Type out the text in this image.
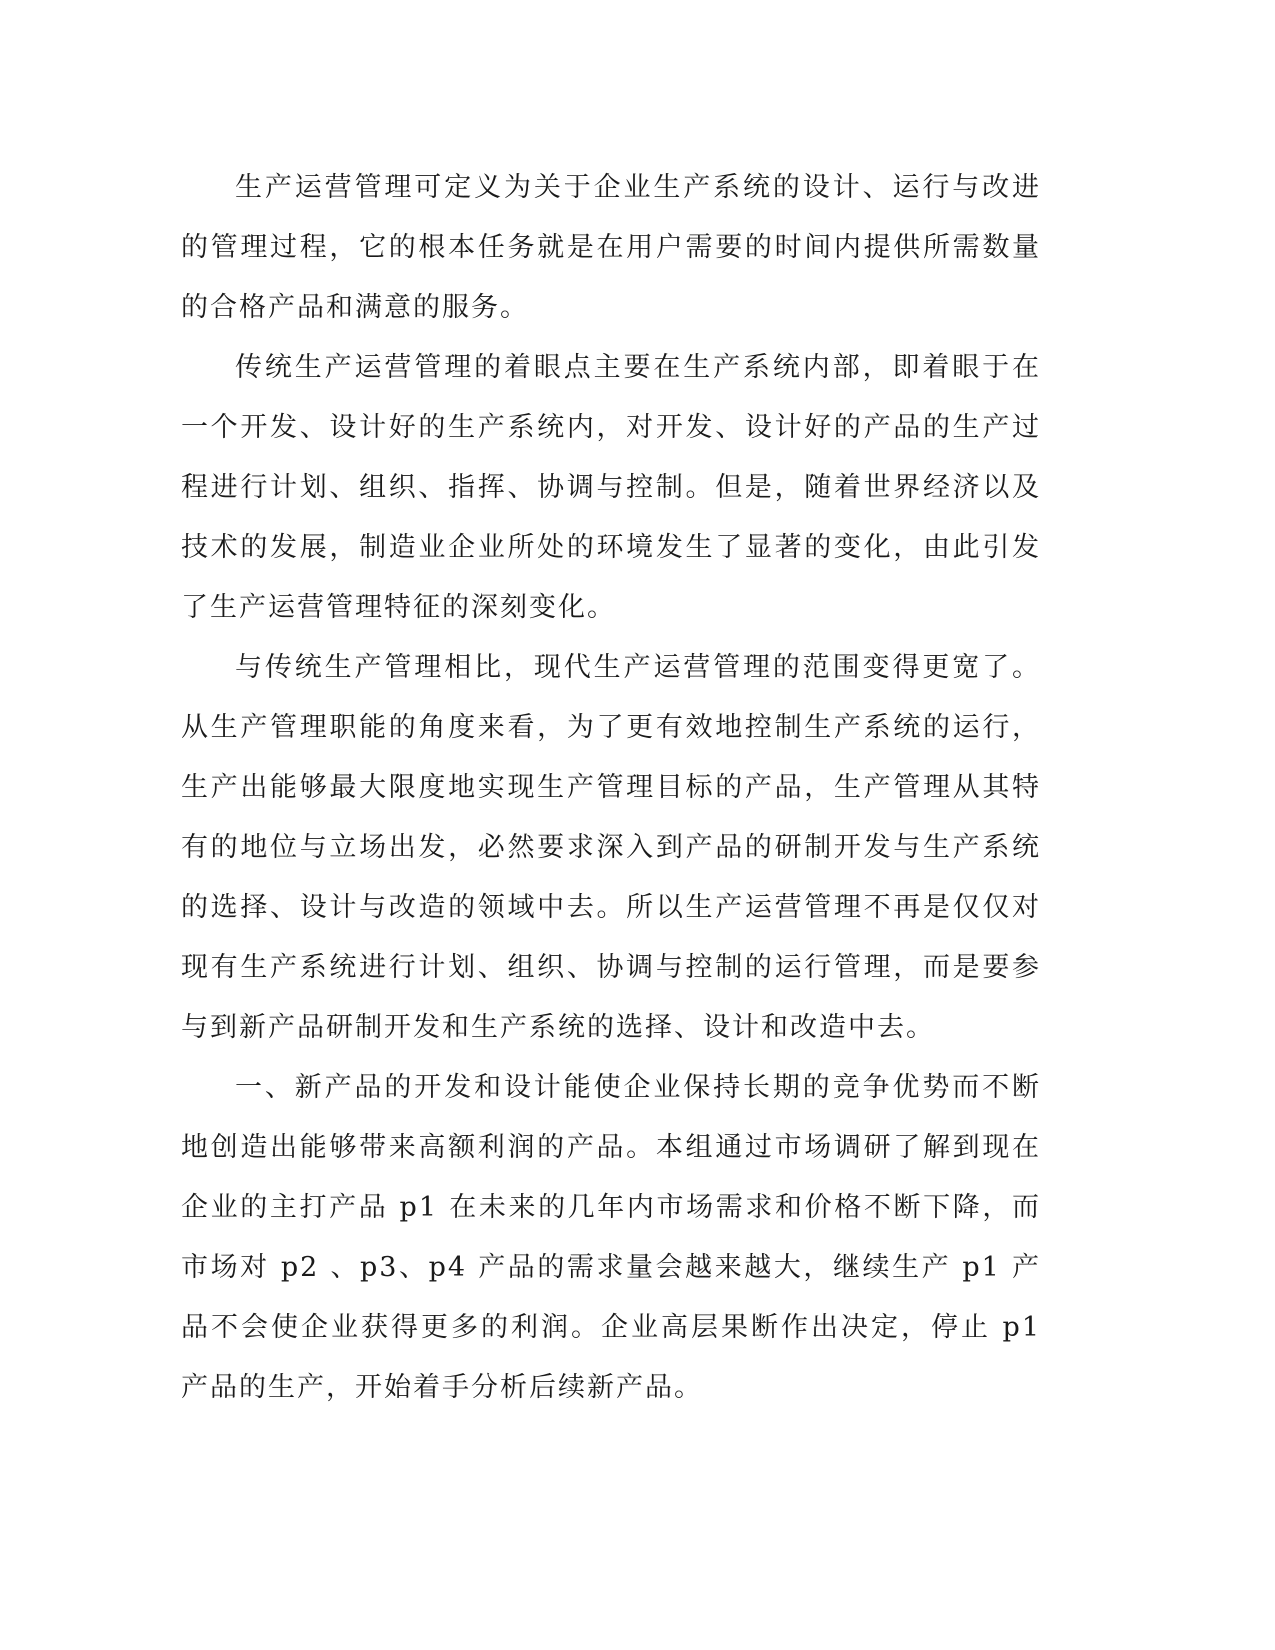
生产运营管理可定义为关于企业生产系统的设计、运行与改进的管理过程，它的根本任务就是在用户需要的时间内提供所需数量的合格产品和满意的服务。

传统生产运营管理的着眼点主要在生产系统内部，即着眼于在一个开发、设计好的生产系统内，对开发、设计好的产品的生产过程进行计划、组织、指挥、协调与控制。但是，随着世界经济以及技术的发展，制造业企业所处的环境发生了显著的变化，由此引发了生产运营管理特征的深刻变化。

与传统生产管理相比，现代生产运营管理的范围变得更宽了。从生产管理职能的角度来看，为了更有效地控制生产系统的运行，生产出能够最大限度地实现生产管理目标的产品，生产管理从其特有的地位与立场出发，必然要求深入到产品的研制开发与生产系统的选择、设计与改造的领域中去。所以生产运营管理不再是仅仅对现有生产系统进行计划、组织、协调与控制的运行管理，而是要参与到新产品研制开发和生产系统的选择、设计和改造中去。

一、新产品的开发和设计能使企业保持长期的竞争优势而不断地创造出能够带来高额利润的产品。本组通过市场调研了解到现在企业的主打产品 p1 在未来的几年内市场需求和价格不断下降，而市场对 p2 、p3、p4 产品的需求量会越来越大，继续生产 p1 产品不会使企业获得更多的利润。企业高层果断作出决定，停止 p1 产品的生产，开始着手分析后续新产品。
